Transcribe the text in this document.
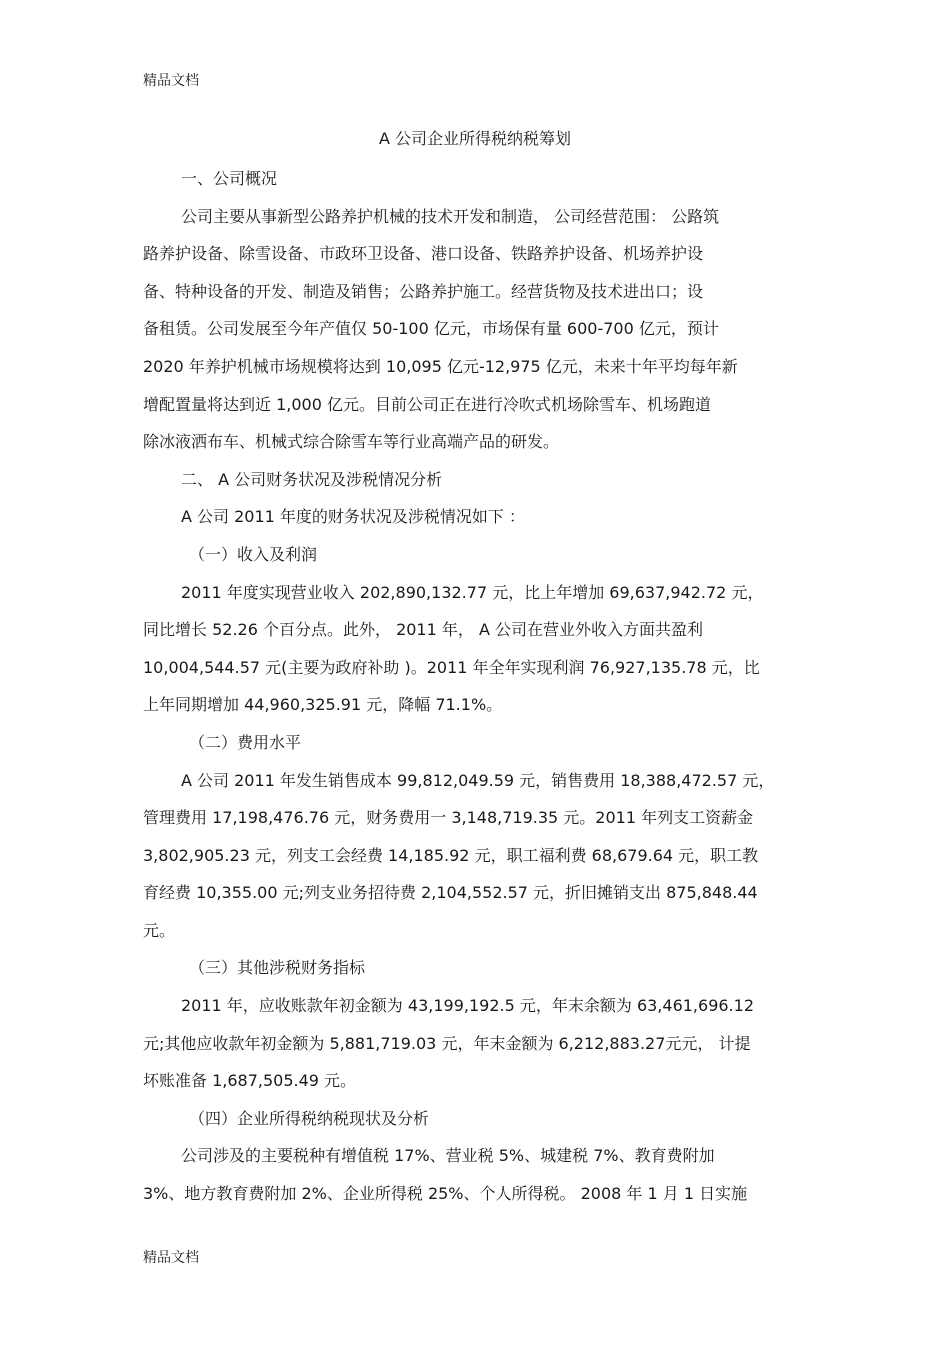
精品文档
A 公司企业所得税纳税筹划
一、公司概况
公司主要从事新型公路养护机械的技术开发和制造， 公司经营范围： 公路筑
路养护设备、除雪设备、市政环卫设备、港口设备、铁路养护设备、机场养护设
备、特种设备的开发、制造及销售；公路养护施工。经营货物及技术进出口；设
备租赁。公司发展至今年产值仅 50-100 亿元，市场保有量 600-700 亿元，预计
2020 年养护机械市场规模将达到 10,095 亿元-12,975 亿元，未来十年平均每年新
增配置量将达到近 1,000 亿元。目前公司正在进行冷吹式机场除雪车、机场跑道
除冰液洒布车、机械式综合除雪车等行业高端产品的研发。
二、 A 公司财务状况及涉税情况分析
A 公司 2011 年度的财务状况及涉税情况如下 ：
（一）收入及利润
2011 年度实现营业收入 202,890,132.77 元，比上年增加 69,637,942.72 元，
同比增长 52.26 个百分点。此外， 2011 年， A 公司在营业外收入方面共盈利
10,004,544.57 元(主要为政府补助 )。2011 年全年实现利润 76,927,135.78 元，比
上年同期增加 44,960,325.91 元，降幅 71.1%。
（二）费用水平
A 公司 2011 年发生销售成本 99,812,049.59 元，销售费用 18,388,472.57 元，
管理费用 17,198,476.76 元，财务费用一 3,148,719.35 元。2011 年列支工资薪金
3,802,905.23 元，列支工会经费 14,185.92 元，职工福利费 68,679.64 元，职工教
育经费 10,355.00 元;列支业务招待费 2,104,552.57 元，折旧摊销支出 875,848.44
元。
（三）其他涉税财务指标
2011 年，应收账款年初金额为 43,199,192.5 元，年末余额为 63,461,696.12
元;其他应收款年初金额为 5,881,719.03 元，年末金额为 6,212,883.27元元， 计提
坏账准备 1,687,505.49 元。
（四）企业所得税纳税现状及分析
公司涉及的主要税种有增值税 17%、营业税 5%、城建税 7%、教育费附加
3%、地方教育费附加 2%、企业所得税 25%、个人所得税。 2008 年 1 月 1 日实施
精品文档
